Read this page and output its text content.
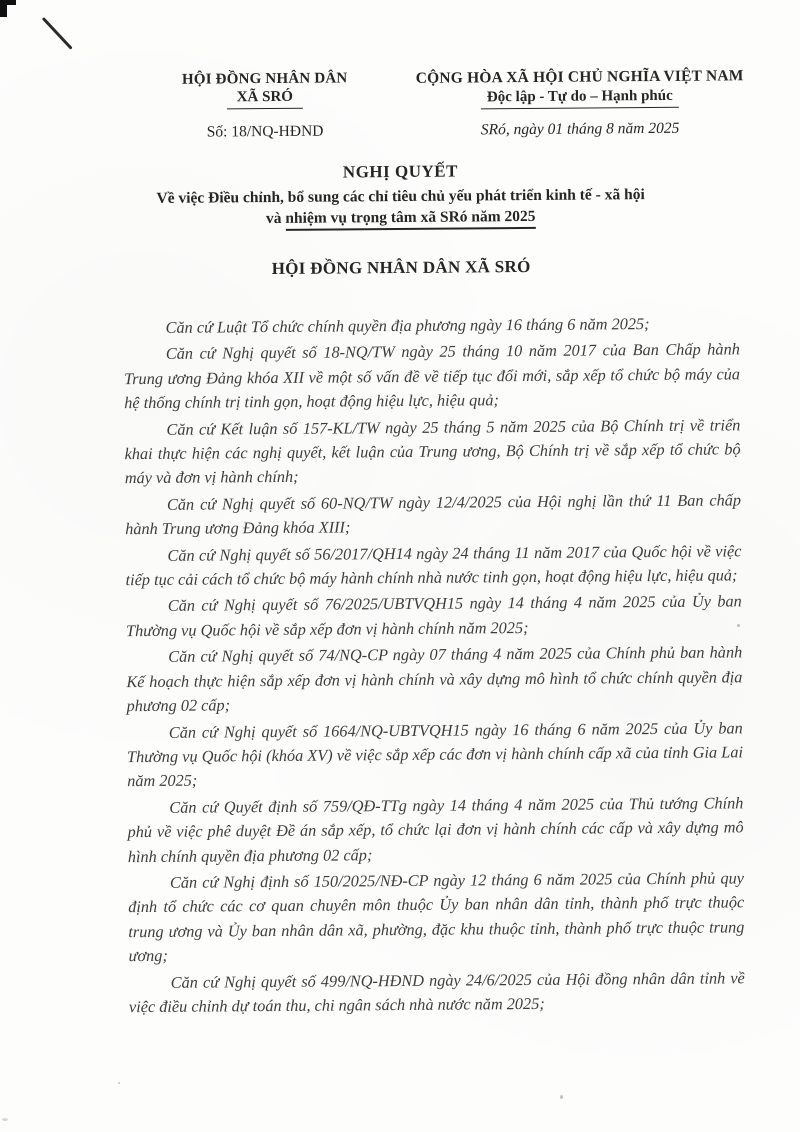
HỘI ĐỒNG NHÂN DÂN
XÃ SRÓ
CỘNG HÒA XÃ HỘI CHỦ NGHĨA VIỆT NAM
Độc lập - Tự do – Hạnh phúc
Số: 18/NQ-HĐND	SRó, ngày 01 tháng 8 năm 2025
NGHỊ QUYẾT
Về việc Điều chỉnh, bổ sung các chỉ tiêu chủ yếu phát triển kinh tế - xã hội
và nhiệm vụ trọng tâm xã SRó năm 2025
HỘI ĐỒNG NHÂN DÂN XÃ SRÓ

Căn cứ Luật Tổ chức chính quyền địa phương ngày 16 tháng 6 năm 2025;

Căn cứ Nghị quyết số 18-NQ/TW ngày 25 tháng 10 năm 2017 của Ban Chấp hành Trung ương Đảng khóa XII về một số vấn đề về tiếp tục đổi mới, sắp xếp tổ chức bộ máy của hệ thống chính trị tinh gọn, hoạt động hiệu lực, hiệu quả;

Căn cứ Kết luận số 157-KL/TW ngày 25 tháng 5 năm 2025 của Bộ Chính trị về triển khai thực hiện các nghị quyết, kết luận của Trung ương, Bộ Chính trị về sắp xếp tổ chức bộ máy và đơn vị hành chính;

Căn cứ Nghị quyết số 60-NQ/TW ngày 12/4/2025 của Hội nghị lần thứ 11 Ban chấp hành Trung ương Đảng khóa XIII;

Căn cứ Nghị quyết số 56/2017/QH14 ngày 24 tháng 11 năm 2017 của Quốc hội về việc tiếp tục cải cách tổ chức bộ máy hành chính nhà nước tinh gọn, hoạt động hiệu lực, hiệu quả;

Căn cứ Nghị quyết số 76/2025/UBTVQH15 ngày 14 tháng 4 năm 2025 của Ủy ban Thường vụ Quốc hội về sắp xếp đơn vị hành chính năm 2025;

Căn cứ Nghị quyết số 74/NQ-CP ngày 07 tháng 4 năm 2025 của Chính phủ ban hành Kế hoạch thực hiện sắp xếp đơn vị hành chính và xây dựng mô hình tổ chức chính quyền địa phương 02 cấp;

Căn cứ Nghị quyết số 1664/NQ-UBTVQH15 ngày 16 tháng 6 năm 2025 của Ủy ban Thường vụ Quốc hội (khóa XV) về việc sắp xếp các đơn vị hành chính cấp xã của tỉnh Gia Lai năm 2025;

Căn cứ Quyết định số 759/QĐ-TTg ngày 14 tháng 4 năm 2025 của Thủ tướng Chính phủ về việc phê duyệt Đề án sắp xếp, tổ chức lại đơn vị hành chính các cấp và xây dựng mô hình chính quyền địa phương 02 cấp;

Căn cứ Nghị định số 150/2025/NĐ-CP ngày 12 tháng 6 năm 2025 của Chính phủ quy định tổ chức các cơ quan chuyên môn thuộc Ủy ban nhân dân tỉnh, thành phố trực thuộc trung ương và Ủy ban nhân dân xã, phường, đặc khu thuộc tỉnh, thành phố trực thuộc trung ương;

Căn cứ Nghị quyết số 499/NQ-HĐND ngày 24/6/2025 của Hội đồng nhân dân tỉnh về việc điều chỉnh dự toán thu, chi ngân sách nhà nước năm 2025;
